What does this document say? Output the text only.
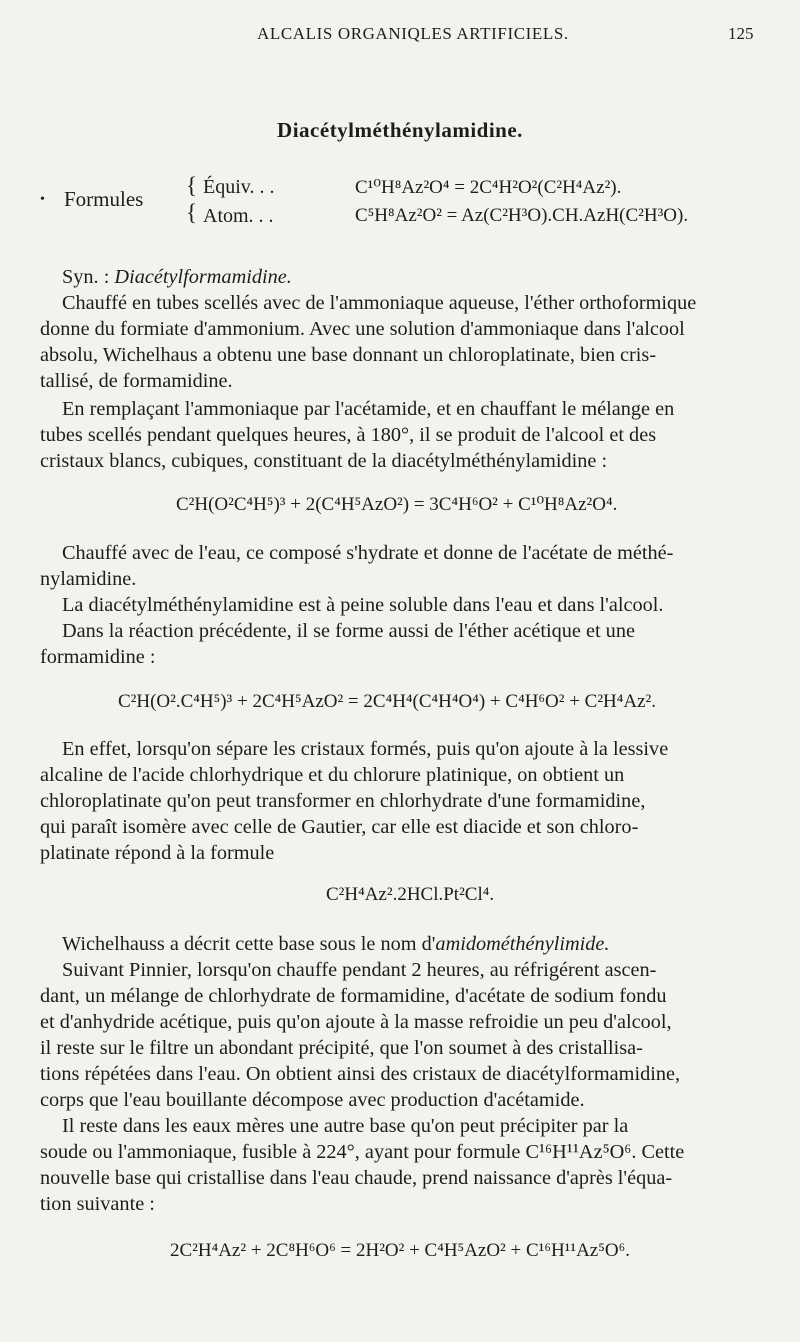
ALCALIS ORGANIQLES ARTIFICIELS.	125
Diacétylméthénylamidine.
• Formules
{
{
Équiv. . .	C¹⁰H⁸Az²O⁴ = 2C⁴H²O²(C²H⁴Az²).
Atom. . .	C⁵H⁸Az²O² = Az(C²H³O).CH.AzH(C²H³O).
Syn. : Diacétylformamidine.
Chauffé en tubes scellés avec de l'ammoniaque aqueuse, l'éther orthoformique
donne du formiate d'ammonium. Avec une solution d'ammoniaque dans l'alcool
absolu, Wichelhaus a obtenu une base donnant un chloroplatinate, bien cris-
tallisé, de formamidine.
En remplaçant l'ammoniaque par l'acétamide, et en chauffant le mélange en
tubes scellés pendant quelques heures, à 180°, il se produit de l'alcool et des
cristaux blancs, cubiques, constituant de la diacétylméthénylamidine :
C²H(O²C⁴H⁵)³ + 2(C⁴H⁵AzO²) = 3C⁴H⁶O² + C¹⁰H⁸Az²O⁴.
Chauffé avec de l'eau, ce composé s'hydrate et donne de l'acétate de méthé-
nylamidine.
La diacétylméthénylamidine est à peine soluble dans l'eau et dans l'alcool.
Dans la réaction précédente, il se forme aussi de l'éther acétique et une
formamidine :
C²H(O².C⁴H⁵)³ + 2C⁴H⁵AzO² = 2C⁴H⁴(C⁴H⁴O⁴) + C⁴H⁶O² + C²H⁴Az².
En effet, lorsqu'on sépare les cristaux formés, puis qu'on ajoute à la lessive
alcaline de l'acide chlorhydrique et du chlorure platinique, on obtient un
chloroplatinate qu'on peut transformer en chlorhydrate d'une formamidine,
qui paraît isomère avec celle de Gautier, car elle est diacide et son chloro-
platinate répond à la formule
C²H⁴Az².2HCl.Pt²Cl⁴.
Wichelhauss a décrit cette base sous le nom d'amidométhénylimide.
Suivant Pinnier, lorsqu'on chauffe pendant 2 heures, au réfrigérent ascen-
dant, un mélange de chlorhydrate de formamidine, d'acétate de sodium fondu
et d'anhydride acétique, puis qu'on ajoute à la masse refroidie un peu d'alcool,
il reste sur le filtre un abondant précipité, que l'on soumet à des cristallisa-
tions répétées dans l'eau. On obtient ainsi des cristaux de diacétylformamidine,
corps que l'eau bouillante décompose avec production d'acétamide.
Il reste dans les eaux mères une autre base qu'on peut précipiter par la
soude ou l'ammoniaque, fusible à 224°, ayant pour formule C¹⁶H¹¹Az⁵O⁶. Cette
nouvelle base qui cristallise dans l'eau chaude, prend naissance d'après l'équa-
tion suivante :
2C²H⁴Az² + 2C⁸H⁶O⁶ = 2H²O² + C⁴H⁵AzO² + C¹⁶H¹¹Az⁵O⁶.
